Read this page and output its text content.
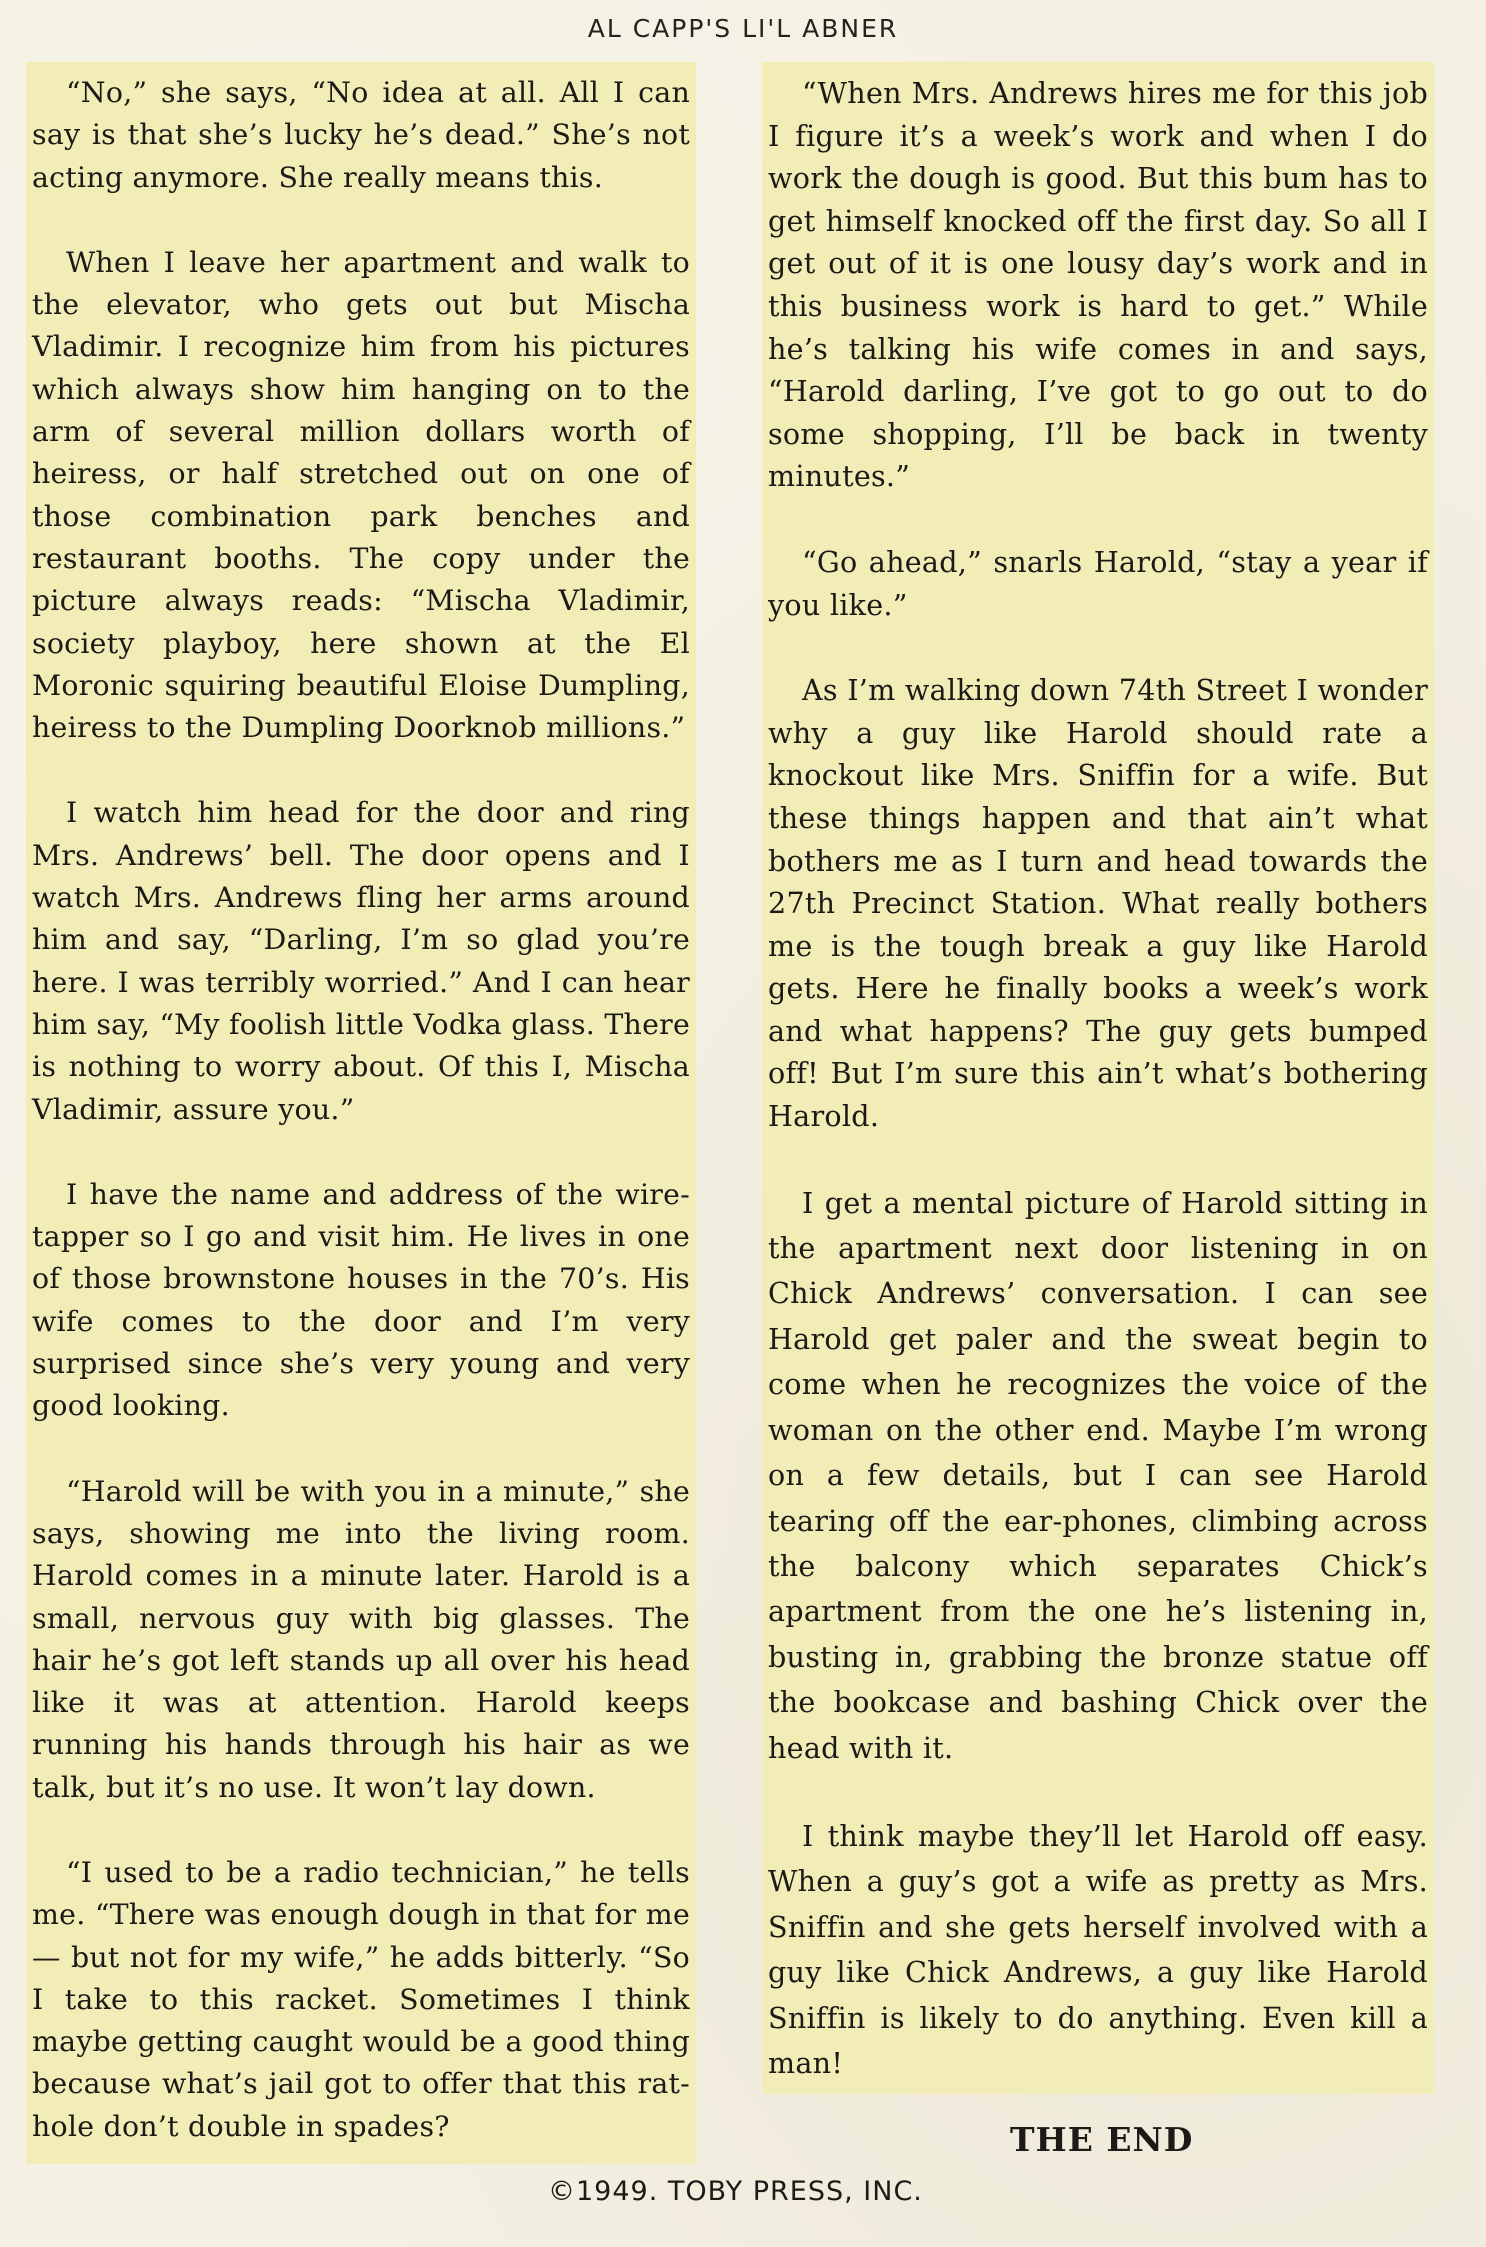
AL CAPP'S LI'L ABNER

“No,” she says, “No idea at all. All I can say is that she’s lucky he’s dead.” She’s not acting anymore. She really means this.

When I leave her apartment and walk to the elevator, who gets out but Mischa Vladimir. I recognize him from his pictures which always show him hanging on to the arm of several million dollars worth of heiress, or half stretched out on one of those combination park benches and restaurant booths. The copy under the picture always reads: “Mischa Vladimir, society playboy, here shown at the El Moronic squiring beautiful Eloise Dumpling, heiress to the Dumpling Doorknob millions.”

I watch him head for the door and ring Mrs. Andrews’ bell. The door opens and I watch Mrs. Andrews fling her arms around him and say, “Darling, I’m so glad you’re here. I was terribly worried.” And I can hear him say, “My foolish little Vodka glass. There is nothing to worry about. Of this I, Mischa Vladimir, assure you.”

I have the name and address of the wire-tapper so I go and visit him. He lives in one of those brownstone houses in the 70’s. His wife comes to the door and I’m very surprised since she’s very young and very good looking.

“Harold will be with you in a minute,” she says, showing me into the living room. Harold comes in a minute later. Harold is a small, nervous guy with big glasses. The hair he’s got left stands up all over his head like it was at attention. Harold keeps running his hands through his hair as we talk, but it’s no use. It won’t lay down.

“I used to be a radio technician,” he tells me. “There was enough dough in that for me — but not for my wife,” he adds bitterly. “So I take to this racket. Sometimes I think maybe getting caught would be a good thing because what’s jail got to offer that this rat-hole don’t double in spades?

“When Mrs. Andrews hires me for this job I figure it’s a week’s work and when I do work the dough is good. But this bum has to get himself knocked off the first day. So all I get out of it is one lousy day’s work and in this business work is hard to get.” While he’s talking his wife comes in and says, “Harold darling, I’ve got to go out to do some shopping, I’ll be back in twenty minutes.”

“Go ahead,” snarls Harold, “stay a year if you like.”

As I’m walking down 74th Street I wonder why a guy like Harold should rate a knockout like Mrs. Sniffin for a wife. But these things happen and that ain’t what bothers me as I turn and head towards the 27th Precinct Station. What really bothers me is the tough break a guy like Harold gets. Here he finally books a week’s work and what happens? The guy gets bumped off! But I’m sure this ain’t what’s bothering Harold.

I get a mental picture of Harold sitting in the apartment next door listening in on Chick Andrews’ conversation. I can see Harold get paler and the sweat begin to come when he recognizes the voice of the woman on the other end. Maybe I’m wrong on a few details, but I can see Harold tearing off the ear-phones, climbing across the balcony which separates Chick’s apartment from the one he’s listening in, busting in, grabbing the bronze statue off the bookcase and bashing Chick over the head with it.

I think maybe they’ll let Harold off easy. When a guy’s got a wife as pretty as Mrs. Sniffin and she gets herself involved with a guy like Chick Andrews, a guy like Harold Sniffin is likely to do anything. Even kill a man!

THE END
©1949. TOBY PRESS, INC.
